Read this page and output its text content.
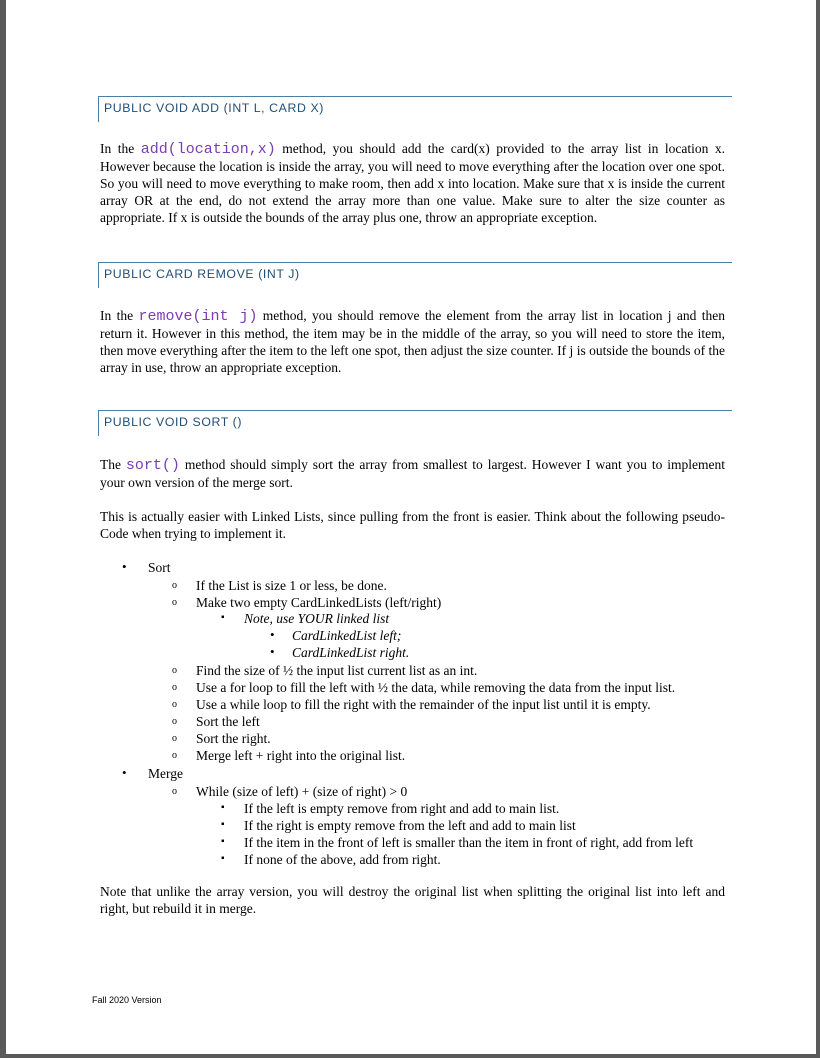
PUBLIC VOID ADD (INT L, CARD X)

In the add(location,x) method, you should add the card(x) provided to the array list in location x. However because the location is inside the array, you will need to move everything after the location over one spot. So you will need to move everything to make room, then add x into location. Make sure that x is inside the current array OR at the end, do not extend the array more than one value. Make sure to alter the size counter as appropriate. If x is outside the bounds of the array plus one, throw an appropriate exception.

PUBLIC CARD REMOVE (INT J)

In the remove(int j) method, you should remove the element from the array list in location j and then return it. However in this method, the item may be in the middle of the array, so you will need to store the item, then move everything after the item to the left one spot, then adjust the size counter. If j is outside the bounds of the array in use, throw an appropriate exception.

PUBLIC VOID SORT ()

The sort() method should simply sort the array from smallest to largest. However I want you to implement your own version of the merge sort.

This is actually easier with Linked Lists, since pulling from the front is easier. Think about the following pseudo-Code when trying to implement it.

• Sort
o If the List is size 1 or less, be done.
o Make two empty CardLinkedLists (left/right)
▪ Note, use YOUR linked list
• CardLinkedList left;
• CardLinkedList right.
o Find the size of ½ the input list current list as an int.
o Use a for loop to fill the left with ½ the data, while removing the data from the input list.
o Use a while loop to fill the right with the remainder of the input list until it is empty.
o Sort the left
o Sort the right.
o Merge left + right into the original list.
• Merge
o While (size of left) + (size of right) > 0
▪ If the left is empty remove from right and add to main list.
▪ If the right is empty remove from the left and add to main list
▪ If the item in the front of left is smaller than the item in front of right, add from left
▪ If none of the above, add from right.

Note that unlike the array version, you will destroy the original list when splitting the original list into left and right, but rebuild it in merge.

Fall 2020 Version
